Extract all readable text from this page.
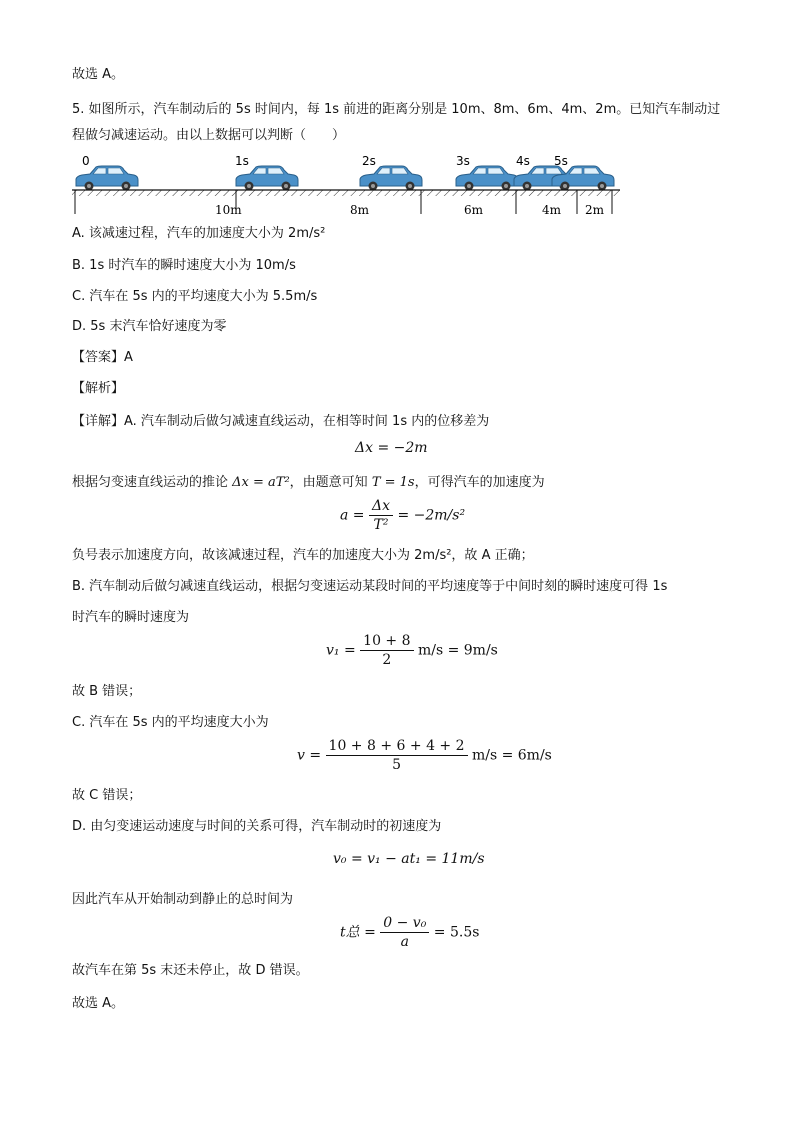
故选 A。
5. 如图所示，汽车制动后的 5s 时间内，每 1s 前进的距离分别是 10m、8m、6m、4m、2m。已知汽车制动过
程做匀减速运动。由以上数据可以判断（　　）
0	1s	2s	3s	4s 5s
10m	8m	6m	4m 2m
A. 该减速过程，汽车的加速度大小为 2m/s²
B. 1s 时汽车的瞬时速度大小为 10m/s
C. 汽车在 5s 内的平均速度大小为 5.5m/s
D. 5s 末汽车恰好速度为零
【答案】A
【解析】
【详解】A. 汽车制动后做匀减速直线运动，在相等时间 1s 内的位移差为
Δx = −2m
根据匀变速直线运动的推论 Δx = aT²，由题意可知 T = 1s，可得汽车的加速度为
$a = \frac{\Delta x}{\text{T²}} = -2m/s^2$
负号表示加速度方向，故该减速过程，汽车的加速度大小为 2m/s²，故 A 正确；
B. 汽车制动后做匀减速直线运动，根据匀变速运动某段时间的平均速度等于中间时刻的瞬时速度可得 1s
时汽车的瞬时速度为
$v_1 = \frac{10 + 8}{2} m/s = 9m/s$
故 B 错误；
C. 汽车在 5s 内的平均速度大小为
$v = \frac{10 + 8 + 6 + 4 + 2}{5} m/s = 6m/s$
故 C 错误；
D. 由匀变速运动速度与时间的关系可得，汽车制动时的初速度为
v₀ = v₁ − at₁ = 11m/s
因此汽车从开始制动到静止的总时间为
t总 = $\frac{\text{0 − v₀}}{a} = 5.5s$
故汽车在第 5s 末还未停止，故 D 错误。
故选 A。
